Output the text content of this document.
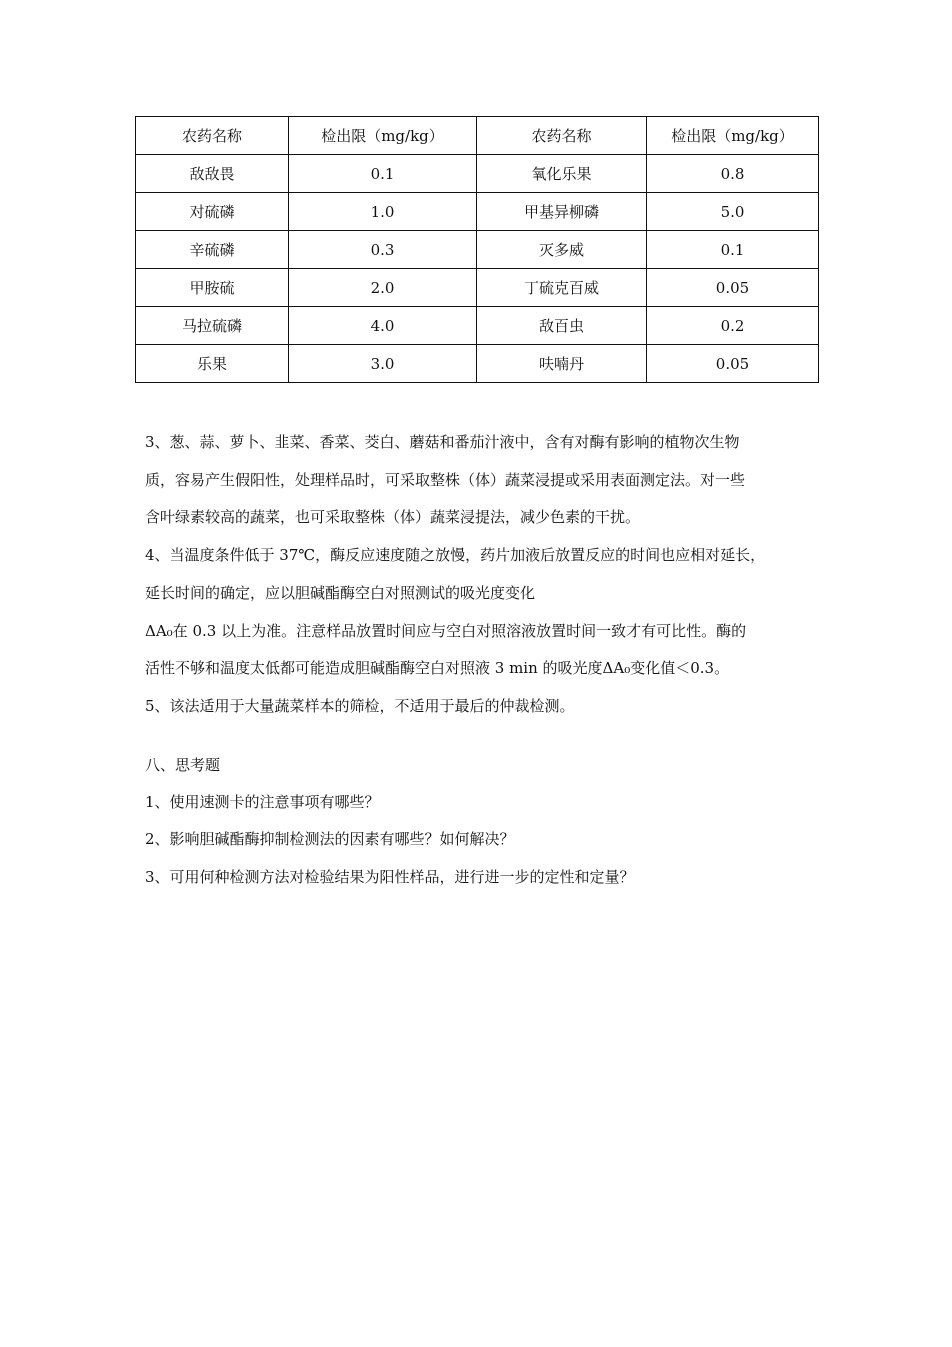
农药名称	检出限（mg/kg）	农药名称	检出限（mg/kg）
敌敌畏	0.1	氧化乐果	0.8
对硫磷	1.0	甲基异柳磷	5.0
辛硫磷	0.3	灭多威	0.1
甲胺硫	2.0	丁硫克百威	0.05
马拉硫磷	4.0	敌百虫	0.2
乐果	3.0	呋喃丹	0.05

3、葱、蒜、萝卜、韭菜、香菜、茭白、蘑菇和番茄汁液中，含有对酶有影响的植物次生物

质，容易产生假阳性，处理样品时，可采取整株（体）蔬菜浸提或采用表面测定法。对一些

含叶绿素较高的蔬菜，也可采取整株（体）蔬菜浸提法，减少色素的干扰。

4、当温度条件低于 37℃，酶反应速度随之放慢，药片加液后放置反应的时间也应相对延长，

延长时间的确定，应以胆碱酯酶空白对照测试的吸光度变化

ΔA₀在 0.3 以上为准。注意样品放置时间应与空白对照溶液放置时间一致才有可比性。酶的

活性不够和温度太低都可能造成胆碱酯酶空白对照液 3 min 的吸光度ΔA₀变化值＜0.3。

5、该法适用于大量蔬菜样本的筛检，不适用于最后的仲裁检测。

八、思考题

1、使用速测卡的注意事项有哪些？

2、影响胆碱酯酶抑制检测法的因素有哪些？如何解决？

3、可用何种检测方法对检验结果为阳性样品，进行进一步的定性和定量？
